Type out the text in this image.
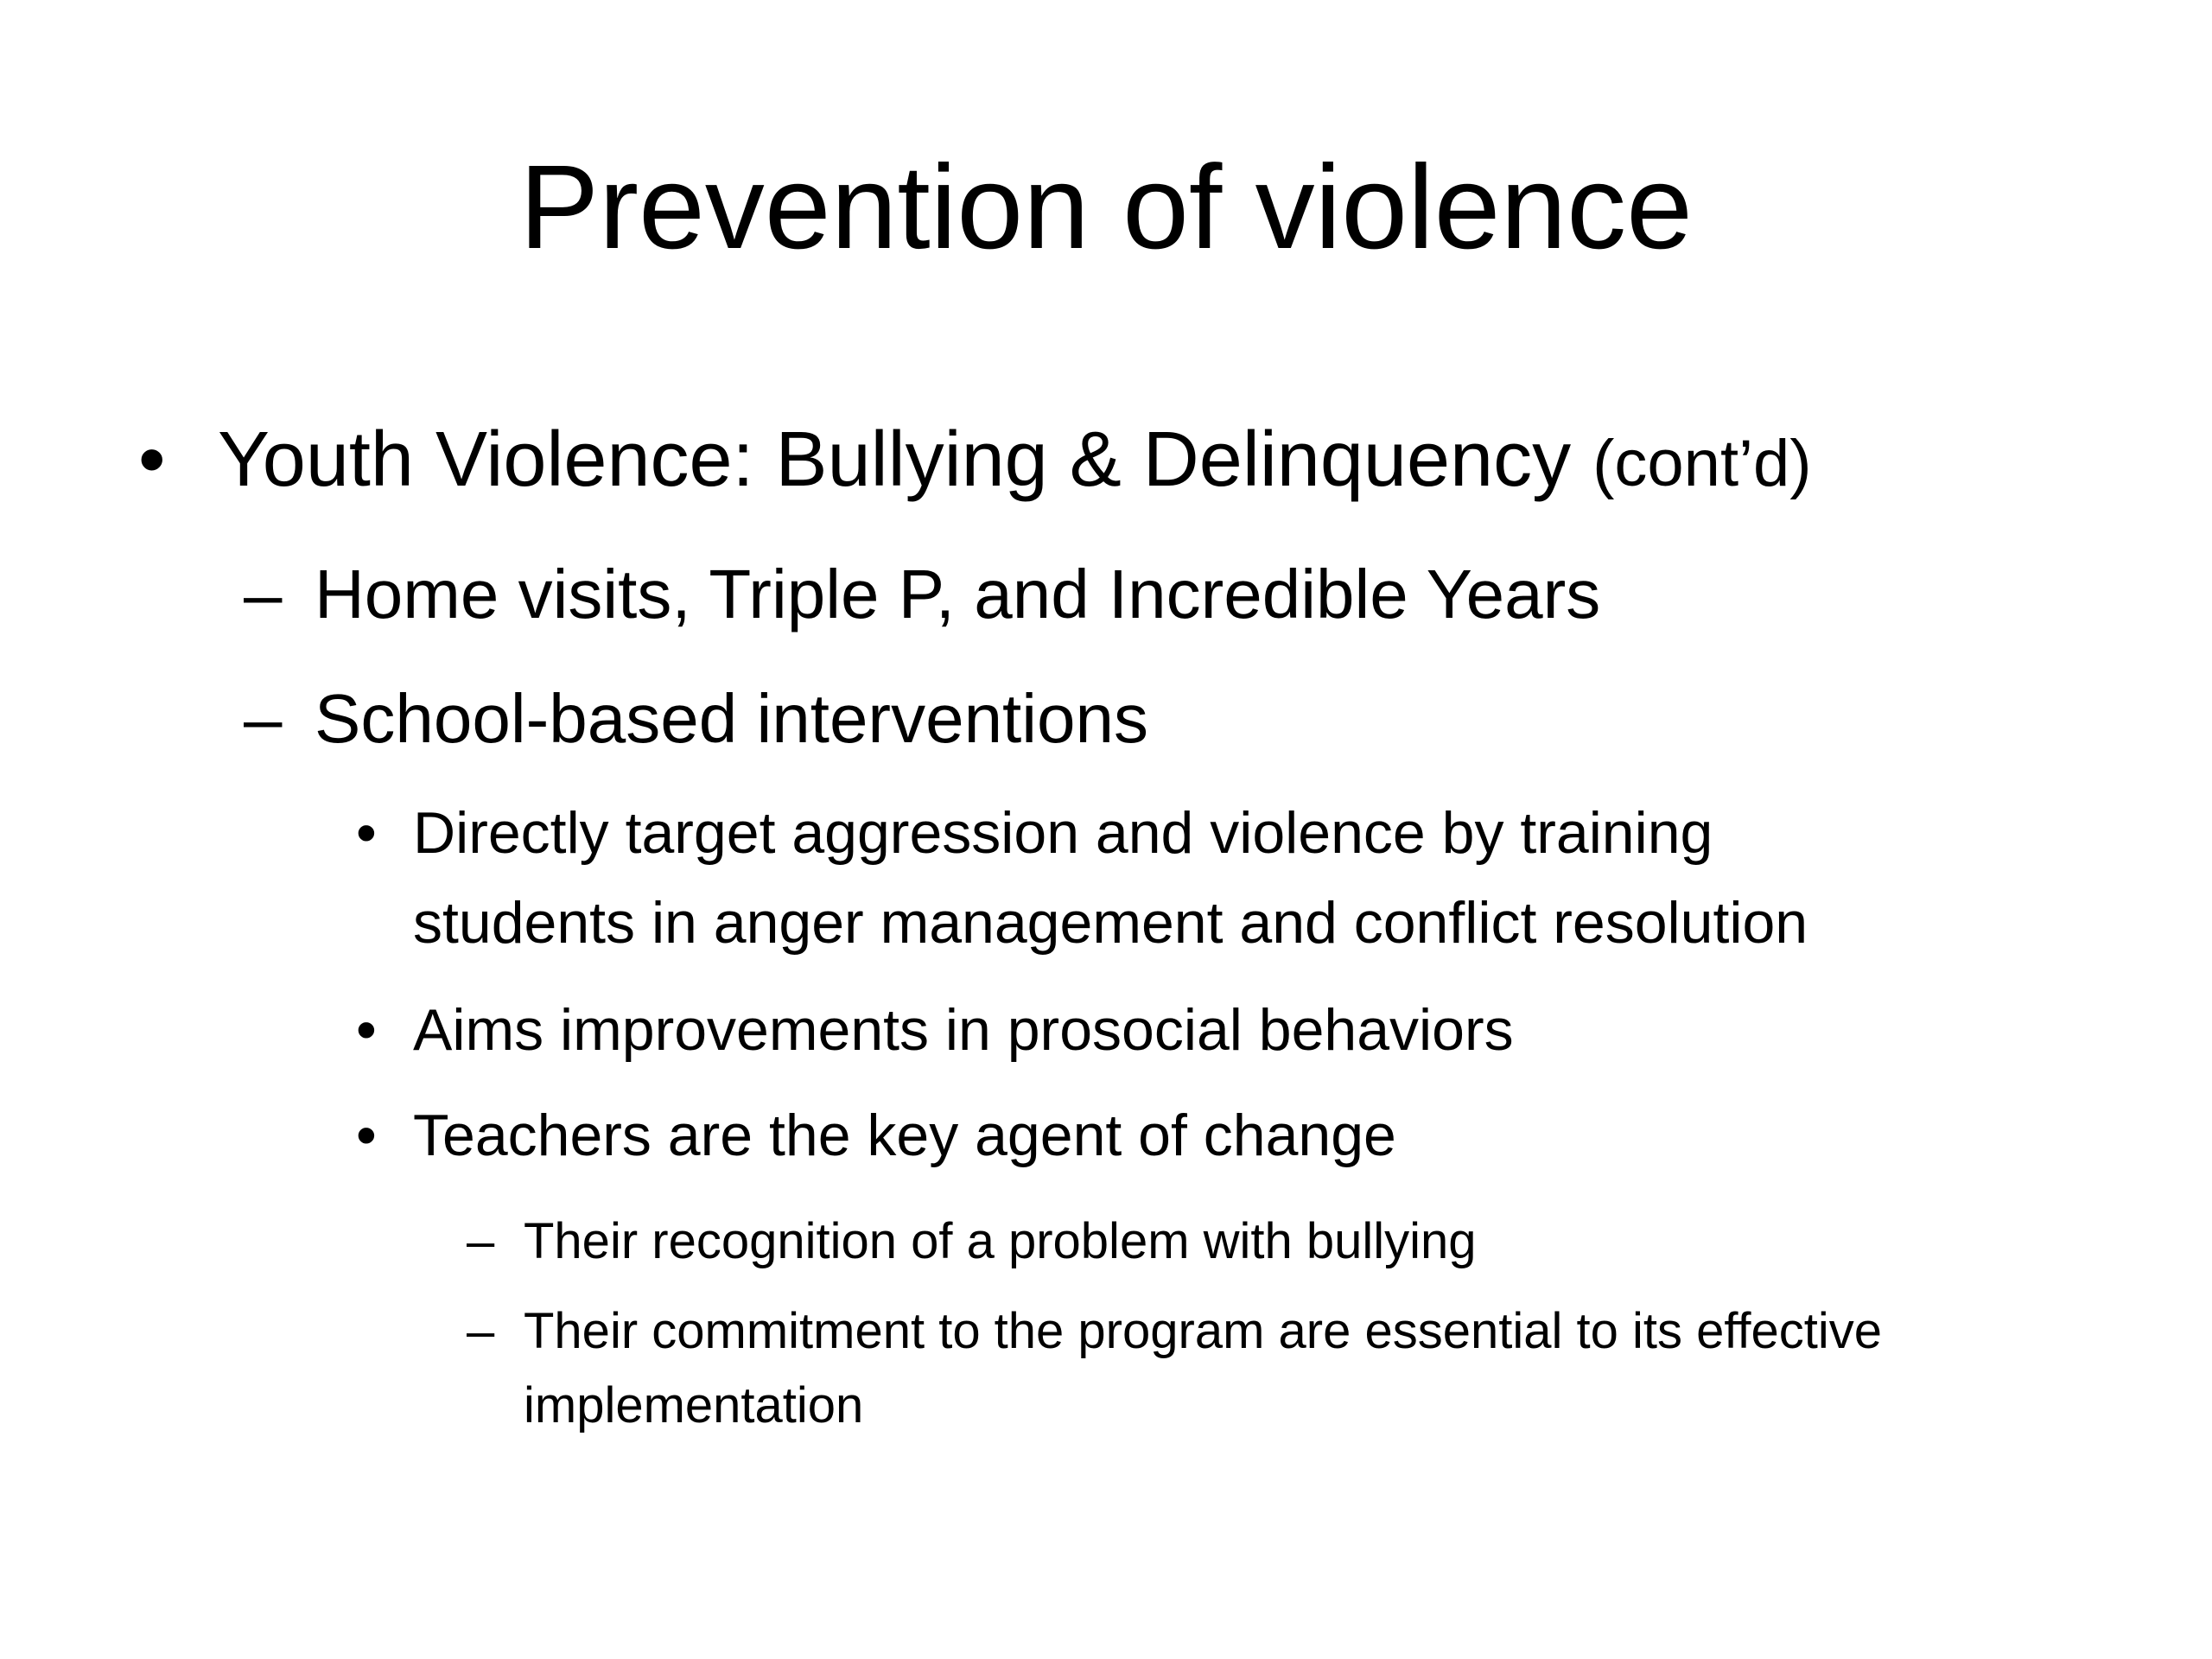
Prevention of violence
• Youth Violence: Bullying & Delinquency (cont’d)
– Home visits, Triple P, and Incredible Years
– School-based interventions
• Directly target aggression and violence by training
students in anger management and conflict resolution
• Aims improvements in prosocial behaviors
• Teachers are the key agent of change
– Their recognition of a problem with bullying
– Their commitment to the program are essential to its effective
implementation
